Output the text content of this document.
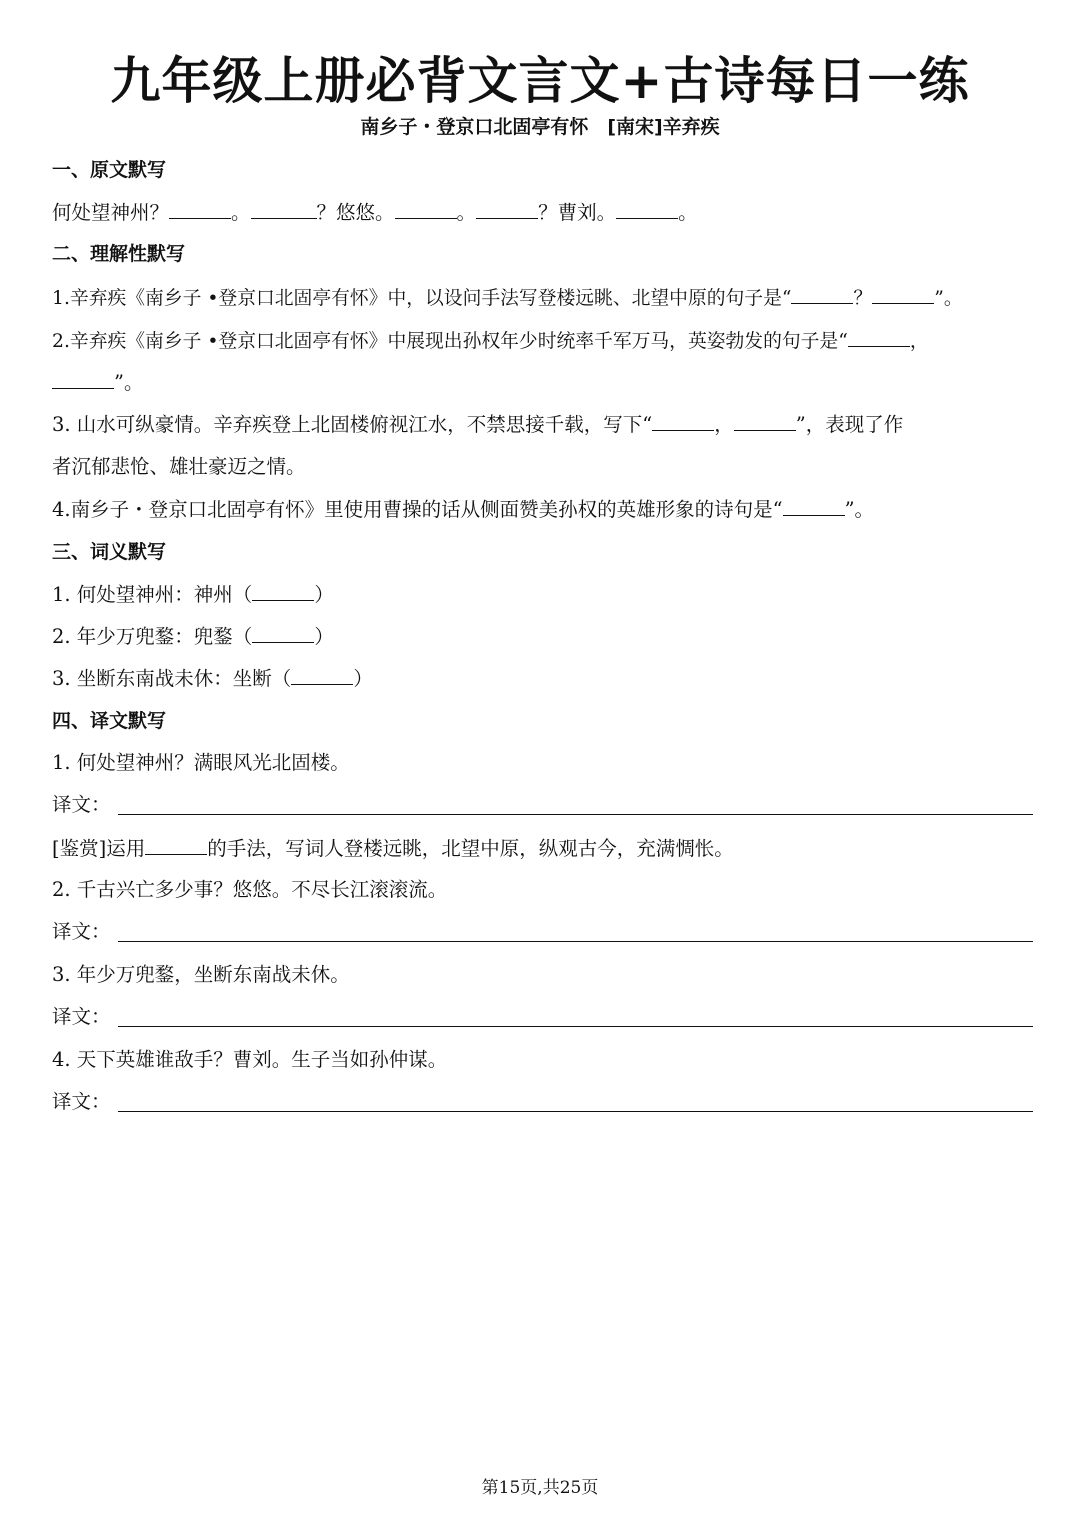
九年级上册必背文言文+古诗每日一练
南乡子・登京口北固亭有怀　[南宋]辛弃疾
一、原文默写
何处望神州？	。	？悠悠。	。	？曹刘。	。
二、理解性默写
1.辛弃疾《南乡子 •登京口北固亭有怀》中，以设问手法写登楼远眺、北望中原的句子是“	？	”。
2.辛弃疾《南乡子 •登京口北固亭有怀》中展现出孙权年少时统率千军万马，英姿勃发的句子是“	，
”。
3. 山水可纵豪情。辛弃疾登上北固楼俯视江水，不禁思接千载，写下“	，	”，表现了作
者沉郁悲怆、雄壮豪迈之情。
4.南乡子・登京口北固亭有怀》里使用曹操的话从侧面赞美孙权的英雄形象的诗句是“	”。
三、词义默写
1. 何处望神州：神州（	）
2. 年少万兜鍪：兜鍪（	）
3. 坐断东南战未休：坐断（	）
四、译文默写
1. 何处望神州？满眼风光北固楼。
译文：
[鉴赏]运用	的手法，写词人登楼远眺，北望中原，纵观古今，充满惆怅。
2. 千古兴亡多少事？悠悠。不尽长江滚滚流。
译文：
3. 年少万兜鍪，坐断东南战未休。
译文：
4. 天下英雄谁敌手？曹刘。生子当如孙仲谋。
译文：
第15页,共25页
